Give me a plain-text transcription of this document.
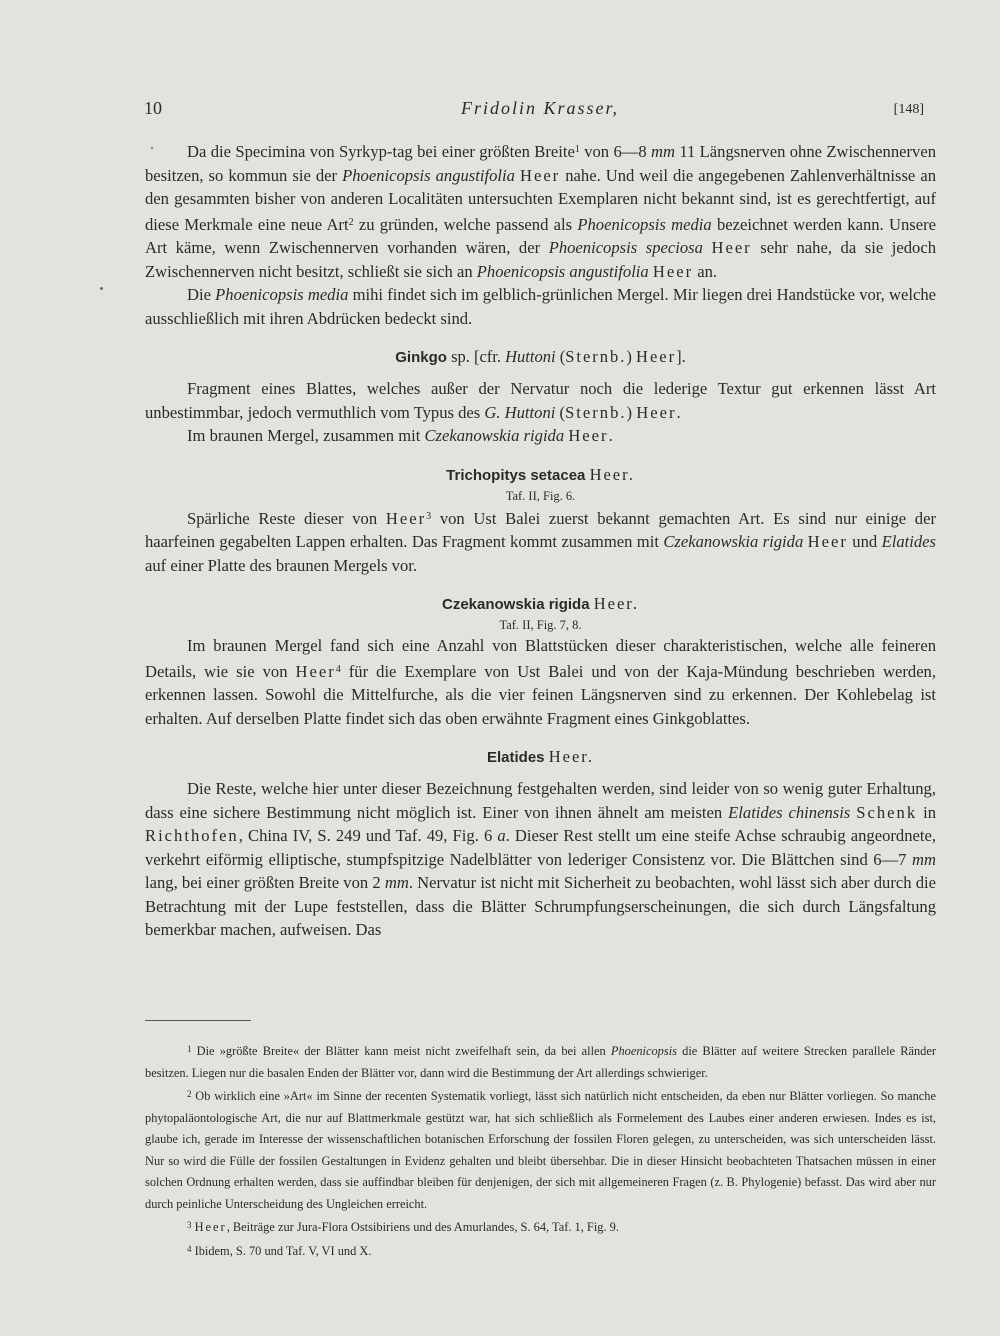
10	Fridolin Krasser,	[148]

Da die Specimina von Syrkyp-tag bei einer größten Breite$^1$ von 6—8 mm 11 Längsnerven ohne Zwischennerven besitzen, so kommun sie der Phoenicopsis angustifolia Heer nahe. Und weil die angegebenen Zahlenverhältnisse an den gesammten bisher von anderen Localitäten untersuchten Exemplaren nicht bekannt sind, ist es gerechtfertigt, auf diese Merkmale eine neue Art$^2$ zu gründen, welche passend als Phoenicopsis media bezeichnet werden kann. Unsere Art käme, wenn Zwischennerven vorhanden wären, der Phoenicopsis speciosa Heer sehr nahe, da sie jedoch Zwischennerven nicht besitzt, schließt sie sich an Phoenicopsis angustifolia Heer an.

Die Phoenicopsis media mihi findet sich im gelblich-grünlichen Mergel. Mir liegen drei Handstücke vor, welche ausschließlich mit ihren Abdrücken bedeckt sind.

Ginkgo sp. [cfr. Huttoni (Sternb.) Heer].

Fragment eines Blattes, welches außer der Nervatur noch die lederige Textur gut erkennen lässt Art unbestimmbar, jedoch vermuthlich vom Typus des G. Huttoni (Sternb.) Heer.

Im braunen Mergel, zusammen mit Czekanowskia rigida Heer.

Trichopitys setacea Heer.
Taf. II, Fig. 6.

Spärliche Reste dieser von Heer$^3$ von Ust Balei zuerst bekannt gemachten Art. Es sind nur einige der haarfeinen gegabelten Lappen erhalten. Das Fragment kommt zusammen mit Czekanowskia rigida Heer und Elatides auf einer Platte des braunen Mergels vor.

Czekanowskia rigida Heer.
Taf. II, Fig. 7, 8.

Im braunen Mergel fand sich eine Anzahl von Blattstücken dieser charakteristischen, welche alle feineren Details, wie sie von Heer$^4$ für die Exemplare von Ust Balei und von der Kaja-Mündung beschrieben werden, erkennen lassen. Sowohl die Mittelfurche, als die vier feinen Längsnerven sind zu erkennen. Der Kohlebelag ist erhalten. Auf derselben Platte findet sich das oben erwähnte Fragment eines Ginkgoblattes.

Elatides Heer.

Die Reste, welche hier unter dieser Bezeichnung festgehalten werden, sind leider von so wenig guter Erhaltung, dass eine sichere Bestimmung nicht möglich ist. Einer von ihnen ähnelt am meisten Elatides chinensis Schenk in Richthofen, China IV, S. 249 und Taf. 49, Fig. 6 a. Dieser Rest stellt um eine steife Achse schraubig angeordnete, verkehrt eiförmig elliptische, stumpfspitzige Nadelblätter von lederiger Consistenz vor. Die Blättchen sind 6—7 mm lang, bei einer größten Breite von 2 mm. Nervatur ist nicht mit Sicherheit zu beobachten, wohl lässt sich aber durch die Betrachtung mit der Lupe feststellen, dass die Blätter Schrumpfungserscheinungen, die sich durch Längsfaltung bemerkbar machen, aufweisen. Das

$^1$ Die »größte Breite« der Blätter kann meist nicht zweifelhaft sein, da bei allen Phoenicopsis die Blätter auf weitere Strecken parallele Ränder besitzen. Liegen nur die basalen Enden der Blätter vor, dann wird die Bestimmung der Art allerdings schwieriger.
$^2$ Ob wirklich eine »Art« im Sinne der recenten Systematik vorliegt, lässt sich natürlich nicht entscheiden, da eben nur Blätter vorliegen. So manche phytopaläontologische Art, die nur auf Blattmerkmale gestützt war, hat sich schließlich als Formelement des Laubes einer anderen erwiesen. Indes es ist, glaube ich, gerade im Interesse der wissenschaftlichen botanischen Erforschung der fossilen Floren gelegen, zu unterscheiden, was sich unterscheiden lässt. Nur so wird die Fülle der fossilen Gestaltungen in Evidenz gehalten und bleibt übersehbar. Die in dieser Hinsicht beobachteten Thatsachen müssen in einer solchen Ordnung erhalten werden, dass sie auffindbar bleiben für denjenigen, der sich mit allgemeineren Fragen (z. B. Phylogenie) befasst. Das wird aber nur durch peinliche Unterscheidung des Ungleichen erreicht.
$^3$ Heer, Beiträge zur Jura-Flora Ostsibiriens und des Amurlandes, S. 64, Taf. 1, Fig. 9.
$^4$ Ibidem, S. 70 und Taf. V, VI und X.
